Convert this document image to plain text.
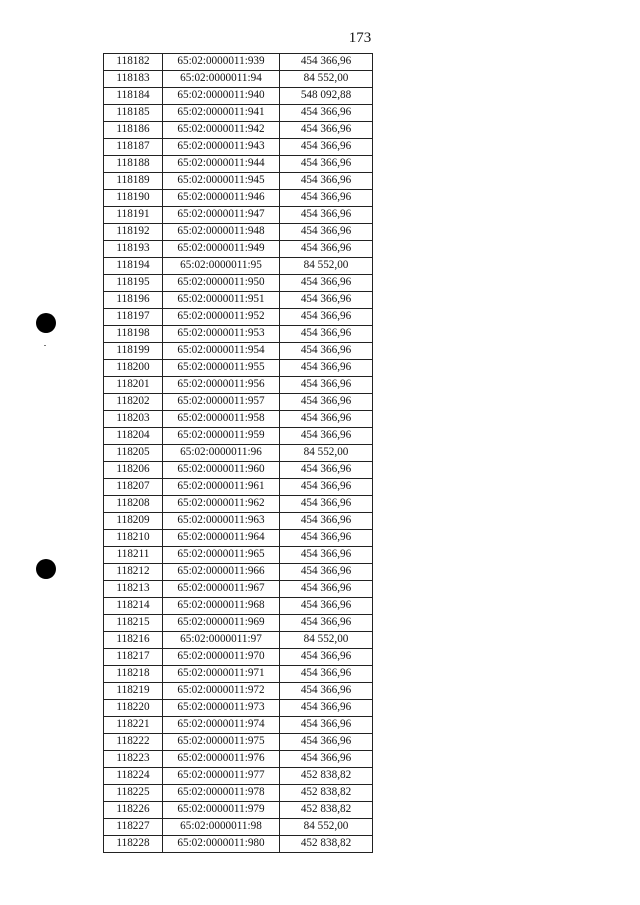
173
118182	65:02:0000011:939	454 366,96
118183	65:02:0000011:94	84 552,00
118184	65:02:0000011:940	548 092,88
118185	65:02:0000011:941	454 366,96
118186	65:02:0000011:942	454 366,96
118187	65:02:0000011:943	454 366,96
118188	65:02:0000011:944	454 366,96
118189	65:02:0000011:945	454 366,96
118190	65:02:0000011:946	454 366,96
118191	65:02:0000011:947	454 366,96
118192	65:02:0000011:948	454 366,96
118193	65:02:0000011:949	454 366,96
118194	65:02:0000011:95	84 552,00
118195	65:02:0000011:950	454 366,96
118196	65:02:0000011:951	454 366,96
118197	65:02:0000011:952	454 366,96
118198	65:02:0000011:953	454 366,96
118199	65:02:0000011:954	454 366,96
118200	65:02:0000011:955	454 366,96
118201	65:02:0000011:956	454 366,96
118202	65:02:0000011:957	454 366,96
118203	65:02:0000011:958	454 366,96
118204	65:02:0000011:959	454 366,96
118205	65:02:0000011:96	84 552,00
118206	65:02:0000011:960	454 366,96
118207	65:02:0000011:961	454 366,96
118208	65:02:0000011:962	454 366,96
118209	65:02:0000011:963	454 366,96
118210	65:02:0000011:964	454 366,96
118211	65:02:0000011:965	454 366,96
118212	65:02:0000011:966	454 366,96
118213	65:02:0000011:967	454 366,96
118214	65:02:0000011:968	454 366,96
118215	65:02:0000011:969	454 366,96
118216	65:02:0000011:97	84 552,00
118217	65:02:0000011:970	454 366,96
118218	65:02:0000011:971	454 366,96
118219	65:02:0000011:972	454 366,96
118220	65:02:0000011:973	454 366,96
118221	65:02:0000011:974	454 366,96
118222	65:02:0000011:975	454 366,96
118223	65:02:0000011:976	454 366,96
118224	65:02:0000011:977	452 838,82
118225	65:02:0000011:978	452 838,82
118226	65:02:0000011:979	452 838,82
118227	65:02:0000011:98	84 552,00
118228	65:02:0000011:980	452 838,82
